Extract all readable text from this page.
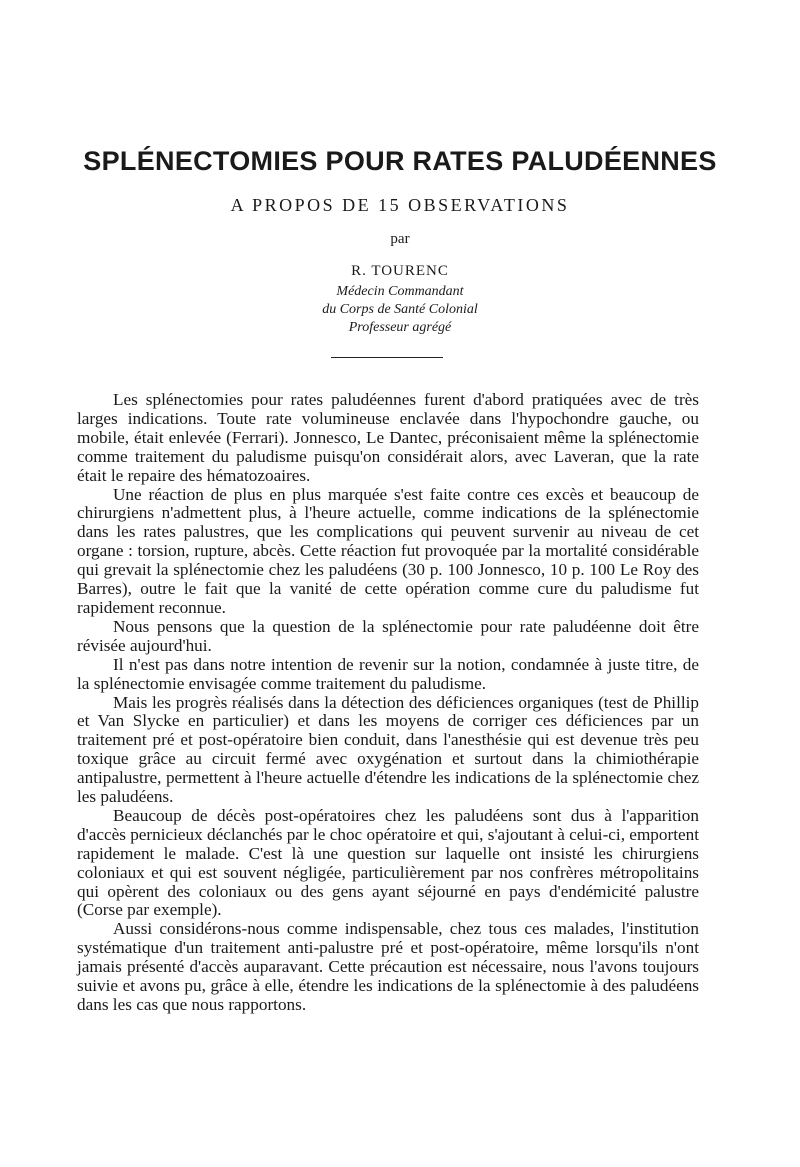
SPLÉNECTOMIES POUR RATES PALUDÉENNES
A PROPOS DE 15 OBSERVATIONS
par
R. TOURENC
Médecin Commandant
du Corps de Santé Colonial
Professeur agrégé

Les splénectomies pour rates paludéennes furent d'abord pratiquées avec de très larges indications. Toute rate volumineuse enclavée dans l'hypochondre gauche, ou mobile, était enlevée (Ferrari). Jonnesco, Le Dantec, préconisaient même la splénectomie comme traitement du paludisme puisqu'on considérait alors, avec Laveran, que la rate était le repaire des hématozoaires.

Une réaction de plus en plus marquée s'est faite contre ces excès et beaucoup de chirurgiens n'admettent plus, à l'heure actuelle, comme indications de la splénectomie dans les rates palustres, que les complications qui peuvent survenir au niveau de cet organe : torsion, rupture, abcès. Cette réaction fut provoquée par la mortalité considérable qui grevait la splénectomie chez les paludéens (30 p. 100 Jonnesco, 10 p. 100 Le Roy des Barres), outre le fait que la vanité de cette opération comme cure du paludisme fut rapidement reconnue.

Nous pensons que la question de la splénectomie pour rate paludéenne doit être révisée aujourd'hui.

Il n'est pas dans notre intention de revenir sur la notion, condamnée à juste titre, de la splénectomie envisagée comme traitement du paludisme.

Mais les progrès réalisés dans la détection des déficiences organiques (test de Phillip et Van Slycke en particulier) et dans les moyens de corriger ces déficiences par un traitement pré et post-opératoire bien conduit, dans l'anesthésie qui est devenue très peu toxique grâce au circuit fermé avec oxygénation et surtout dans la chimiothérapie antipalustre, permettent à l'heure actuelle d'étendre les indications de la splénectomie chez les paludéens.

Beaucoup de décès post-opératoires chez les paludéens sont dus à l'apparition d'accès pernicieux déclanchés par le choc opératoire et qui, s'ajoutant à celui-ci, emportent rapidement le malade. C'est là une question sur laquelle ont insisté les chirurgiens coloniaux et qui est souvent négligée, particulièrement par nos confrères métropolitains qui opèrent des coloniaux ou des gens ayant séjourné en pays d'endémicité palustre (Corse par exemple).

Aussi considérons-nous comme indispensable, chez tous ces malades, l'institution systématique d'un traitement anti-palustre pré et post-opératoire, même lorsqu'ils n'ont jamais présenté d'accès auparavant. Cette précaution est nécessaire, nous l'avons toujours suivie et avons pu, grâce à elle, étendre les indications de la splénectomie à des paludéens dans les cas que nous rapportons.
